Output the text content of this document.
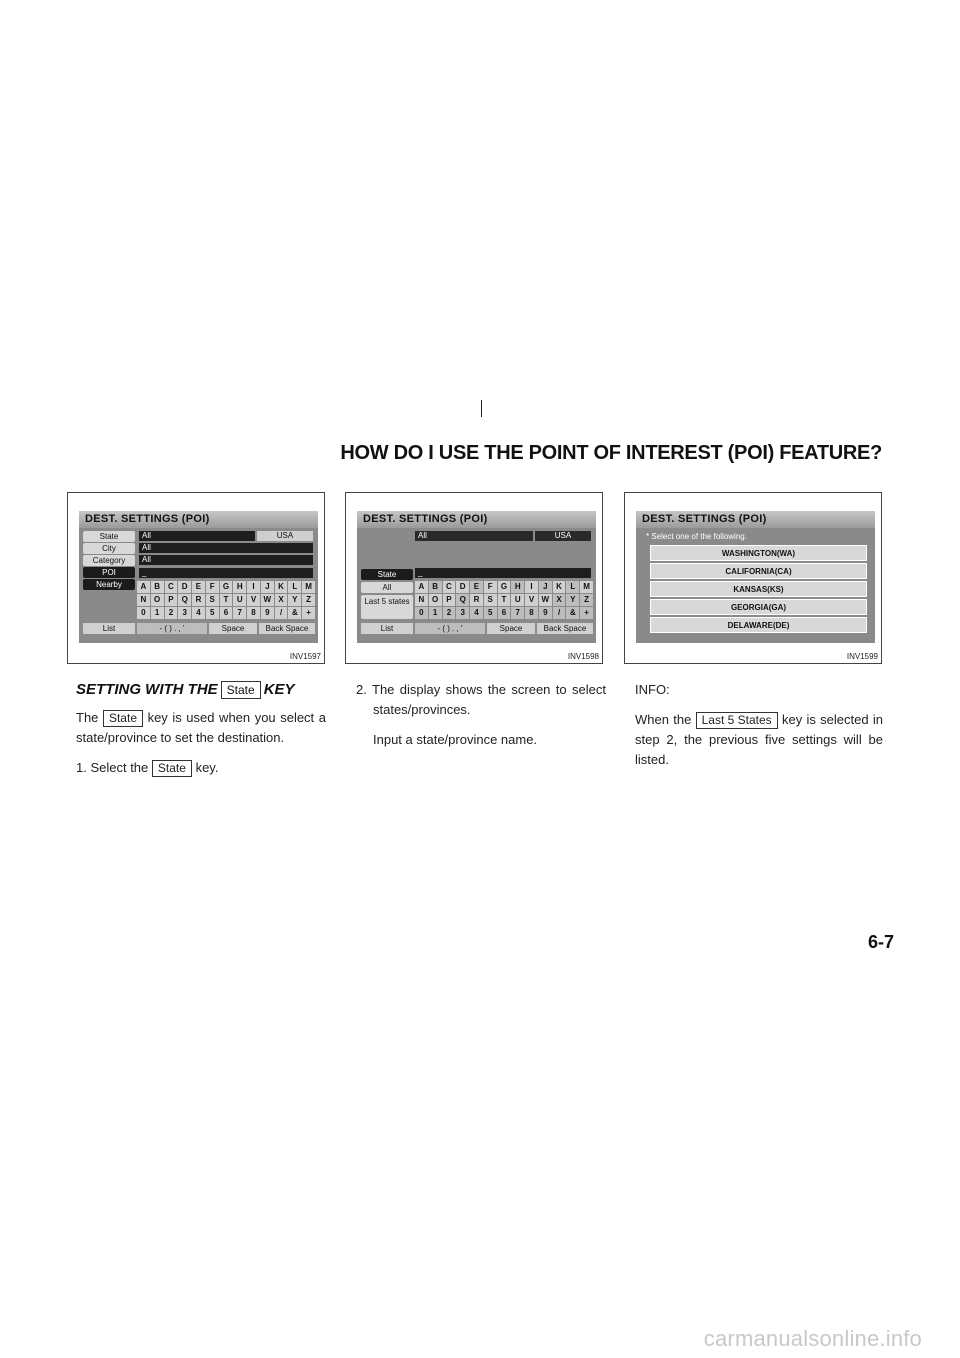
HOW DO I USE THE POINT OF INTEREST (POI) FEATURE?
DEST. SETTINGS (POI)
State
City
Category
POI
Nearby
All	USA
All
All
_
A B C D	E	F	G H	I	J	K	L M
N O P Q R	S	T	U	V W X	Y	Z
0	1	2	3	4	5	6	7	8	9	/	&	+
List	- ( ) . , '	Space	Back Space
INV1597
DEST. SETTINGS (POI)
All	USA
State
All
Last 5 states
_
A B C D	E	F	G H	I	J	K	L M
N O P Q R	S	T	U	V W X	Y	Z
0	1	2	3	4	5	6	7	8	9	/	&	+
List	- ( ) . , '	Space	Back Space
INV1598
DEST. SETTINGS (POI)
* Select one of the following.
WASHINGTON(WA)
CALIFORNIA(CA)
KANSAS(KS)
GEORGIA(GA)
DELAWARE(DE)
INV1599
SETTING WITH THE State KEY

The State key is used when you select a state/province to set the destination.

1. Select the State key.

2. The display shows the screen to select states/provinces.

Input a state/province name.

INFO:

When the Last 5 States key is selected in step 2, the previous five settings will be listed.

6-7
carmanualsonline.info
